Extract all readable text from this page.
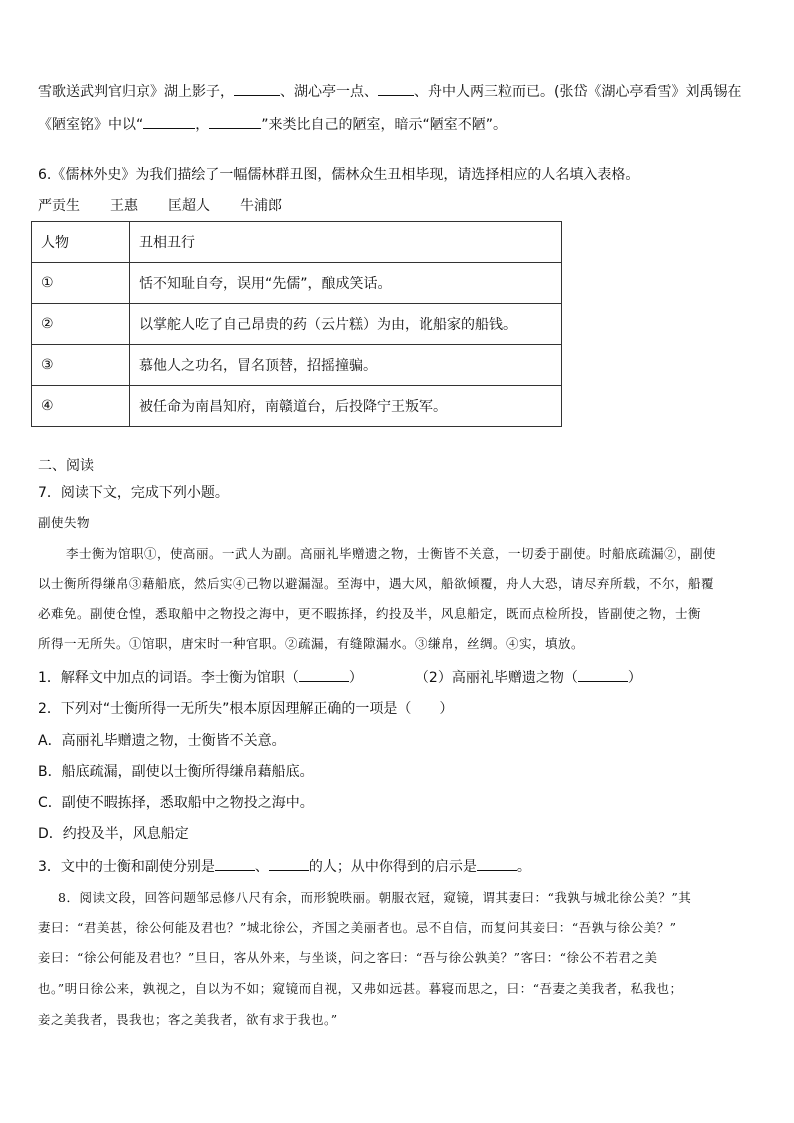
雪歌送武判官归京》湖上影子，	、湖心亭一点、	、舟中人两三粒而已。(张岱《湖心亭看雪》刘禹锡在
《陋室铭》中以“	，	”来类比自己的陋室，暗示“陋室不陋”。
6.《儒林外史》为我们描绘了一幅儒林群丑图，儒林众生丑相毕现，请选择相应的人名填入表格。
严贡生 王惠 匡超人 牛浦郎
人物	丑相丑行
①	恬不知耻自夸，误用“先儒”，酿成笑话。
②	以掌舵人吃了自己昂贵的药（云片糕）为由，讹船家的船钱。
③	慕他人之功名，冒名顶替，招摇撞骗。
④	被任命为南昌知府，南赣道台，后投降宁王叛军。
二、阅读
7．阅读下文，完成下列小题。
副使失物
李士衡为馆职①，使高丽。一武人为副。高丽礼毕赠遗之物，士衡皆不关意，一切委于副使。时船底疏漏②，副使
以士衡所得缣帛③藉船底，然后实④己物以避漏湿。至海中，遇大风，船欲倾覆，舟人大恐，请尽弃所载，不尔，船覆
必难免。副使仓惶，悉取船中之物投之海中，更不暇拣择，约投及半，风息船定，既而点检所投，皆副使之物，士衡
所得一无所失。①馆职，唐宋时一种官职。②疏漏，有缝隙漏水。③缣帛，丝绸。④实，填放。
1．解释文中加点的词语。李士衡为馆职（	）	（2）高丽礼毕赠遗之物（	）
2．下列对“士衡所得一无所失”根本原因理解正确的一项是（　　）
A．高丽礼毕赠遗之物，士衡皆不关意。
B．船底疏漏，副使以士衡所得缣帛藉船底。
C．副使不暇拣择，悉取船中之物投之海中。
D．约投及半，风息船定
3．文中的士衡和副使分别是	、	的人；从中你得到的启示是	。
8．阅读文段，回答问题邹忌修八尺有余，而形貌昳丽。朝服衣冠，窥镜，谓其妻曰：“我孰与城北徐公美？”其
妻曰：“君美甚，徐公何能及君也？”城北徐公，齐国之美丽者也。忌不自信，而复问其妾曰：“吾孰与徐公美？”
妾曰：“徐公何能及君也？”旦日，客从外来，与坐谈，问之客曰：“吾与徐公孰美？”客曰：“徐公不若君之美
也。”明日徐公来，孰视之，自以为不如；窥镜而自视，又弗如远甚。暮寝而思之，曰：“吾妻之美我者，私我也；
妾之美我者，畏我也；客之美我者，欲有求于我也。”
